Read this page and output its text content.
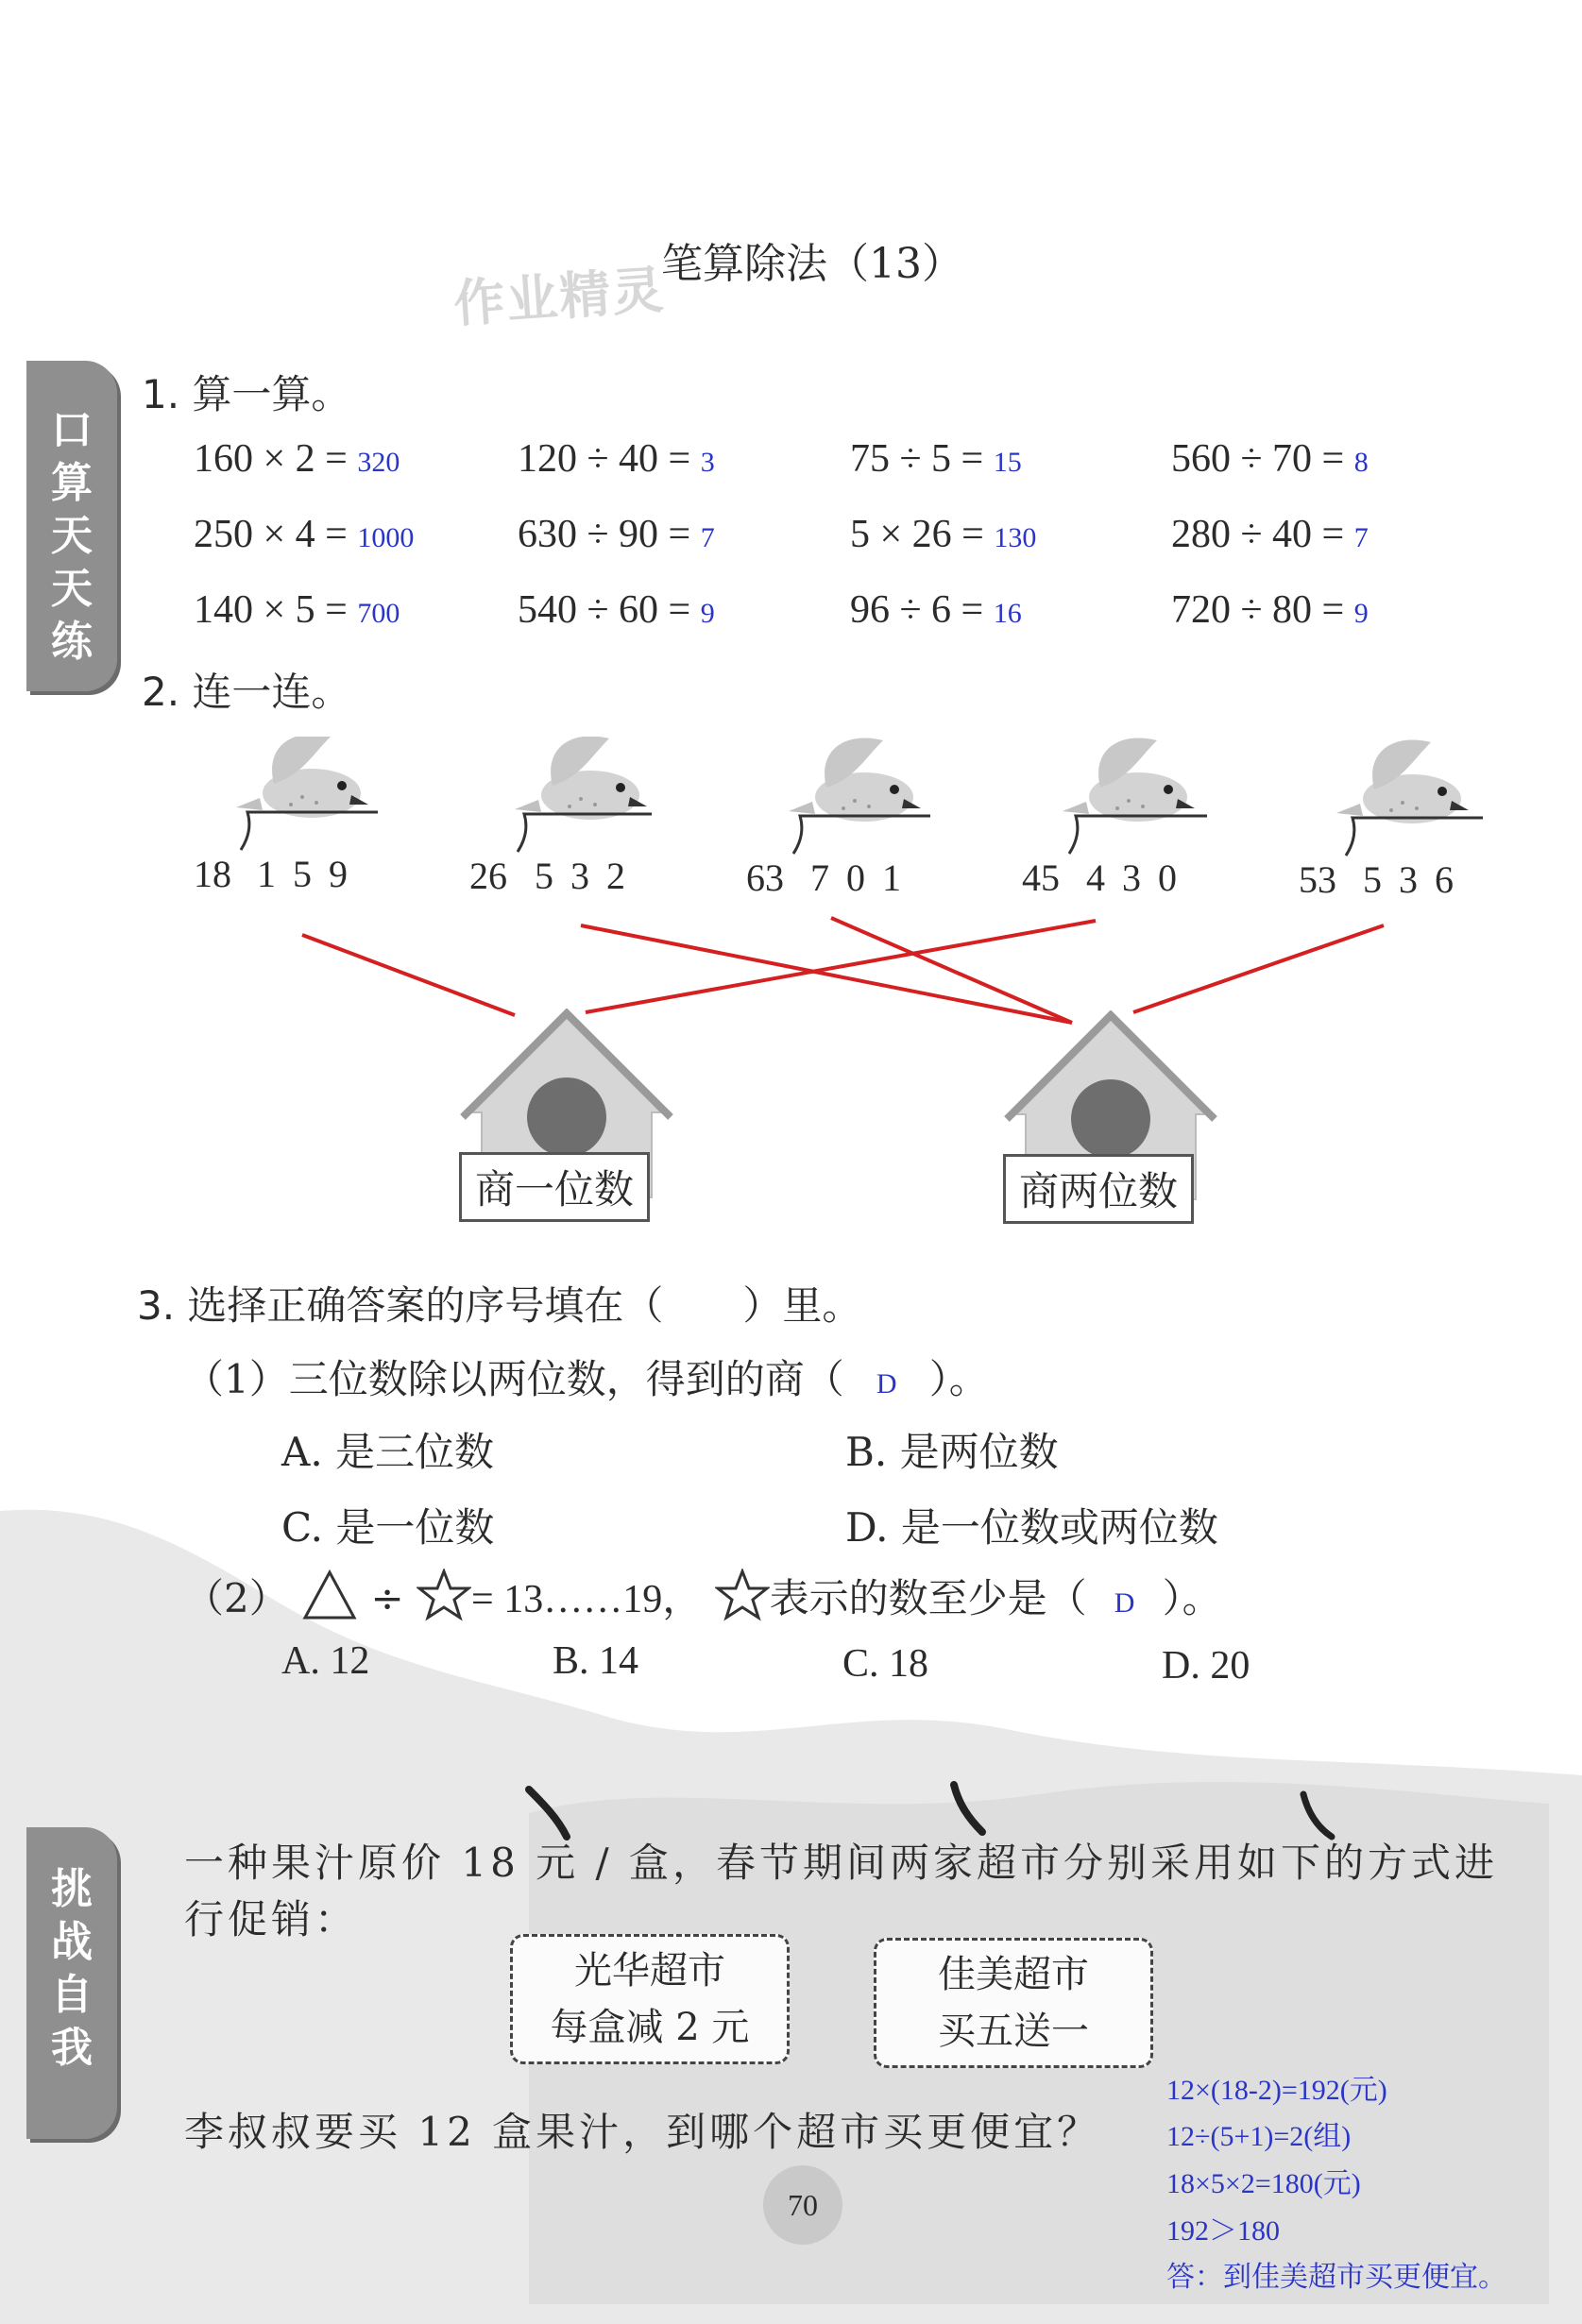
笔算除法（13）
作业精灵
口
算
天
天
练
1. 算一算。
160 × 2 = 320	120 ÷ 40 = 3	75 ÷ 5 = 15	560 ÷ 70 = 8
250 × 4 = 1000	630 ÷ 90 = 7	5 × 26 = 130	280 ÷ 40 = 7
140 × 5 = 700	540 ÷ 60 = 9	96 ÷ 6 = 16	720 ÷ 80 = 9
2. 连一连。
18 159	26 532	63 701	45 430	53 536
商一位数	商两位数
3. 选择正确答案的序号填在（　　）里。
（1）三位数除以两位数，得到的商（ D ）。
A. 是三位数	B. 是两位数
C. 是一位数	D. 是一位数或两位数
（2） ÷ = 13……19， 表示的数至少是（ D ）。
A. 12	B. 14	C. 18	D. 20
挑
战
自
我
一种果汁原价 18 元 / 盒，春节期间两家超市分别采用如下的方式进
行促销：
光华超市
每盒减 2 元
佳美超市
买五送一
李叔叔要买 12 盒果汁，到哪个超市买更便宜？
12×(18-2)=192(元)
12÷(5+1)=2(组)
18×5×2=180(元)
192＞180
答：到佳美超市买更便宜。
70
